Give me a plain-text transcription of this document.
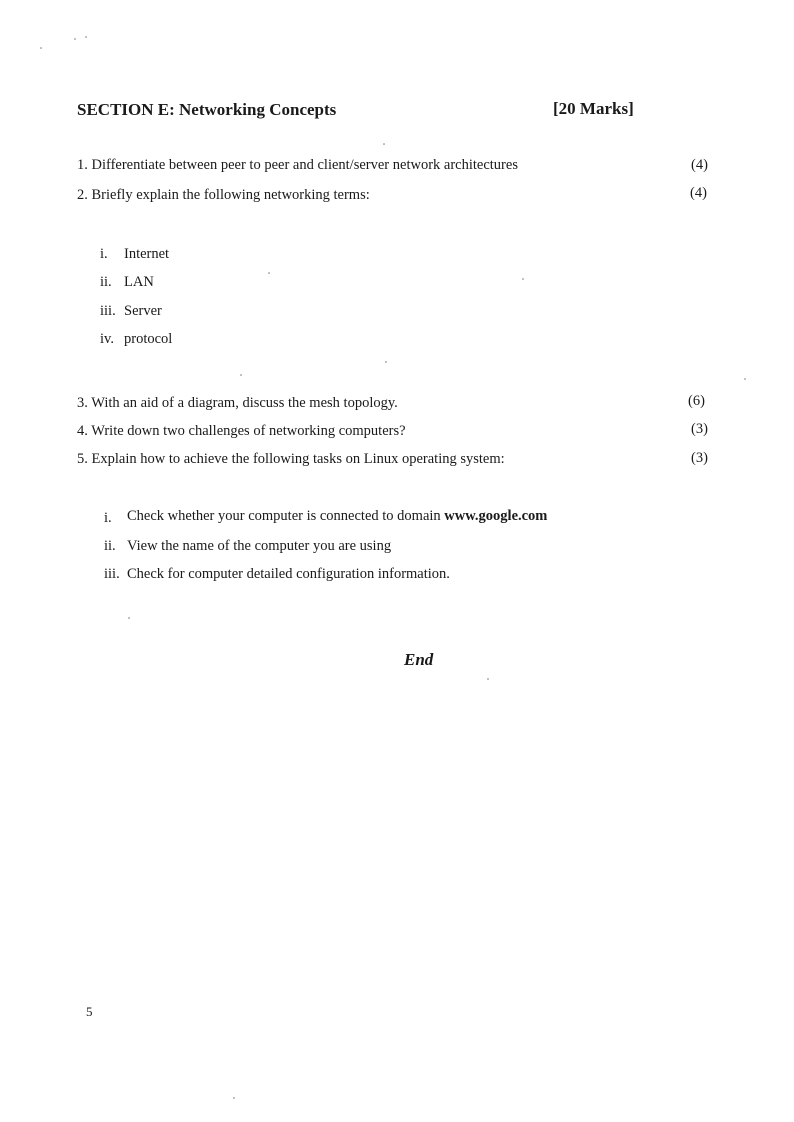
SECTION E: Networking Concepts	[20 Marks]
1. Differentiate between peer to peer and client/server network architectures	(4)
2. Briefly explain the following networking terms:	(4)
i. Internet
ii. LAN
iii. Server
iv. protocol
3. With an aid of a diagram, discuss the mesh topology.	(6)
4. Write down two challenges of networking computers?	(3)
5. Explain how to achieve the following tasks on Linux operating system:	(3)
i. Check whether your computer is connected to domain www.google.com
ii. View the name of the computer you are using
iii. Check for computer detailed configuration information.
End
5
